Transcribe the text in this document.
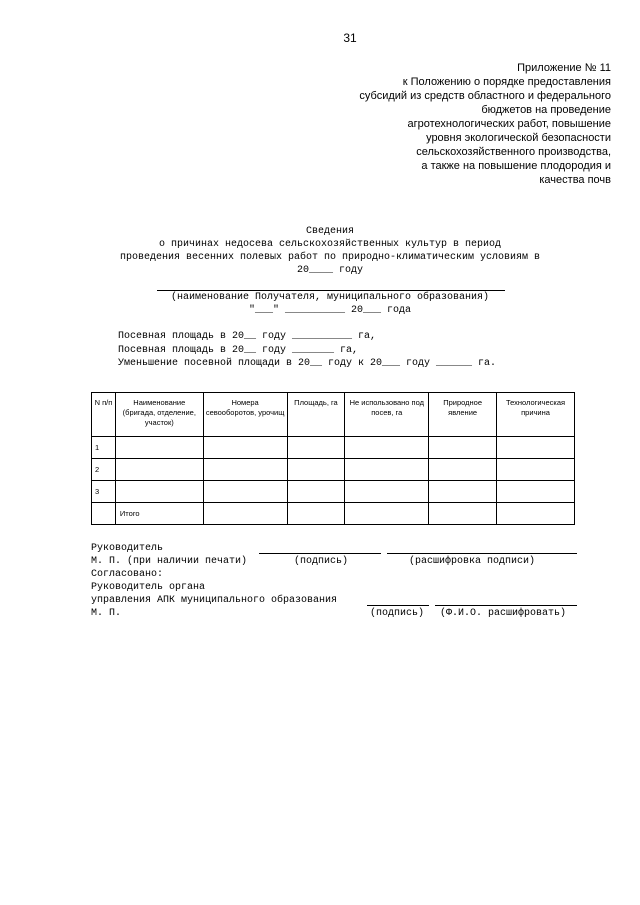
31
Приложение № 11
к Положению о порядке предоставления
субсидий из средств областного и федерального
бюджетов на проведение
агротехнологических работ, повышение
уровня экологической безопасности
сельскохозяйственного производства,
а также на повышение плодородия и
качества почв
Сведения
о причинах недосева сельскохозяйственных культур в период
проведения весенних полевых работ по природно-климатическим условиям в
20____ году
(наименование Получателя, муниципального образования)
"___" __________ 20___ года
Посевная площадь в 20__ году __________ га,
Посевная площадь в 20__ году _______ га,
Уменьшение посевной площади в 20__ году к 20___ году ______ га.
N п/п	Наименование (бригада, отделение, участок)	Номера севооборотов, урочищ	Площадь, га	Не использовано под посев, га	Природное явление	Технологическая причина
1						
2						
3						
	Итого					
Руководитель
М. П. (при наличии печати)	(подпись)	(расшифровка подписи)
Согласовано:
Руководитель органа
управления АПК муниципального образования
М. П.	(подпись) (Ф.И.О. расшифровать)
